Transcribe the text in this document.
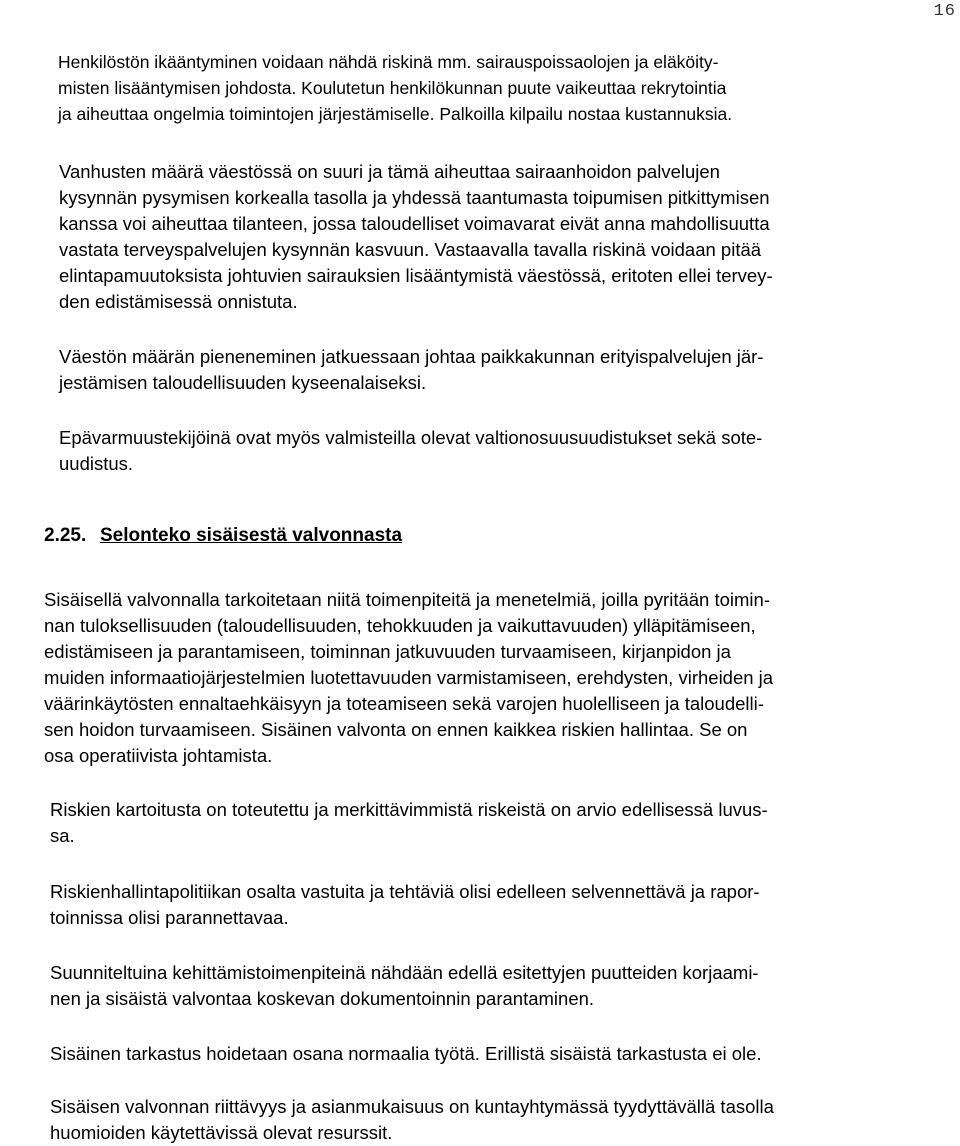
16

Henkilöstön ikääntyminen voidaan nähdä riskinä mm. sairauspoissaolojen ja eläköity-
misten lisääntymisen johdosta. Koulutetun henkilökunnan puute vaikeuttaa rekrytointia
ja aiheuttaa ongelmia toimintojen järjestämiselle. Palkoilla kilpailu nostaa kustannuksia.

Vanhusten määrä väestössä on suuri ja tämä aiheuttaa sairaanhoidon palvelujen
kysynnän pysymisen korkealla tasolla ja yhdessä taantumasta toipumisen pitkittymisen
kanssa voi aiheuttaa tilanteen, jossa taloudelliset voimavarat eivät anna mahdollisuutta
vastata terveyspalvelujen kysynnän kasvuun. Vastaavalla tavalla riskinä voidaan pitää
elintapamuutoksista johtuvien sairauksien lisääntymistä väestössä, eritoten ellei tervey-
den edistämisessä onnistuta.

Väestön määrän pieneneminen jatkuessaan johtaa paikkakunnan erityispalvelujen jär-
jestämisen taloudellisuuden kyseenalaiseksi.

Epävarmuustekijöinä ovat myös valmisteilla olevat valtionosuusuudistukset sekä sote-
uudistus.

2.25. Selonteko sisäisestä valvonnasta

Sisäisellä valvonnalla tarkoitetaan niitä toimenpiteitä ja menetelmiä, joilla pyritään toimin-
nan tuloksellisuuden (taloudellisuuden, tehokkuuden ja vaikuttavuuden) ylläpitämiseen,
edistämiseen ja parantamiseen, toiminnan jatkuvuuden turvaamiseen, kirjanpidon ja
muiden informaatiojärjestelmien luotettavuuden varmistamiseen, erehdysten, virheiden ja
väärinkäytösten ennaltaehkäisyyn ja toteamiseen sekä varojen huolelliseen ja taloudelli-
sen hoidon turvaamiseen. Sisäinen valvonta on ennen kaikkea riskien hallintaa. Se on
osa operatiivista johtamista.

Riskien kartoitusta on toteutettu ja merkittävimmistä riskeistä on arvio edellisessä luvus-
sa.

Riskienhallintapolitiikan osalta vastuita ja tehtäviä olisi edelleen selvennettävä ja rapor-
toinnissa olisi parannettavaa.

Suunniteltuina kehittämistoimenpiteinä nähdään edellä esitettyjen puutteiden korjaami-
nen ja sisäistä valvontaa koskevan dokumentoinnin parantaminen.

Sisäinen tarkastus hoidetaan osana normaalia työtä. Erillistä sisäistä tarkastusta ei ole.

Sisäisen valvonnan riittävyys ja asianmukaisuus on kuntayhtymässä tyydyttävällä tasolla
huomioiden käytettävissä olevat resurssit.
